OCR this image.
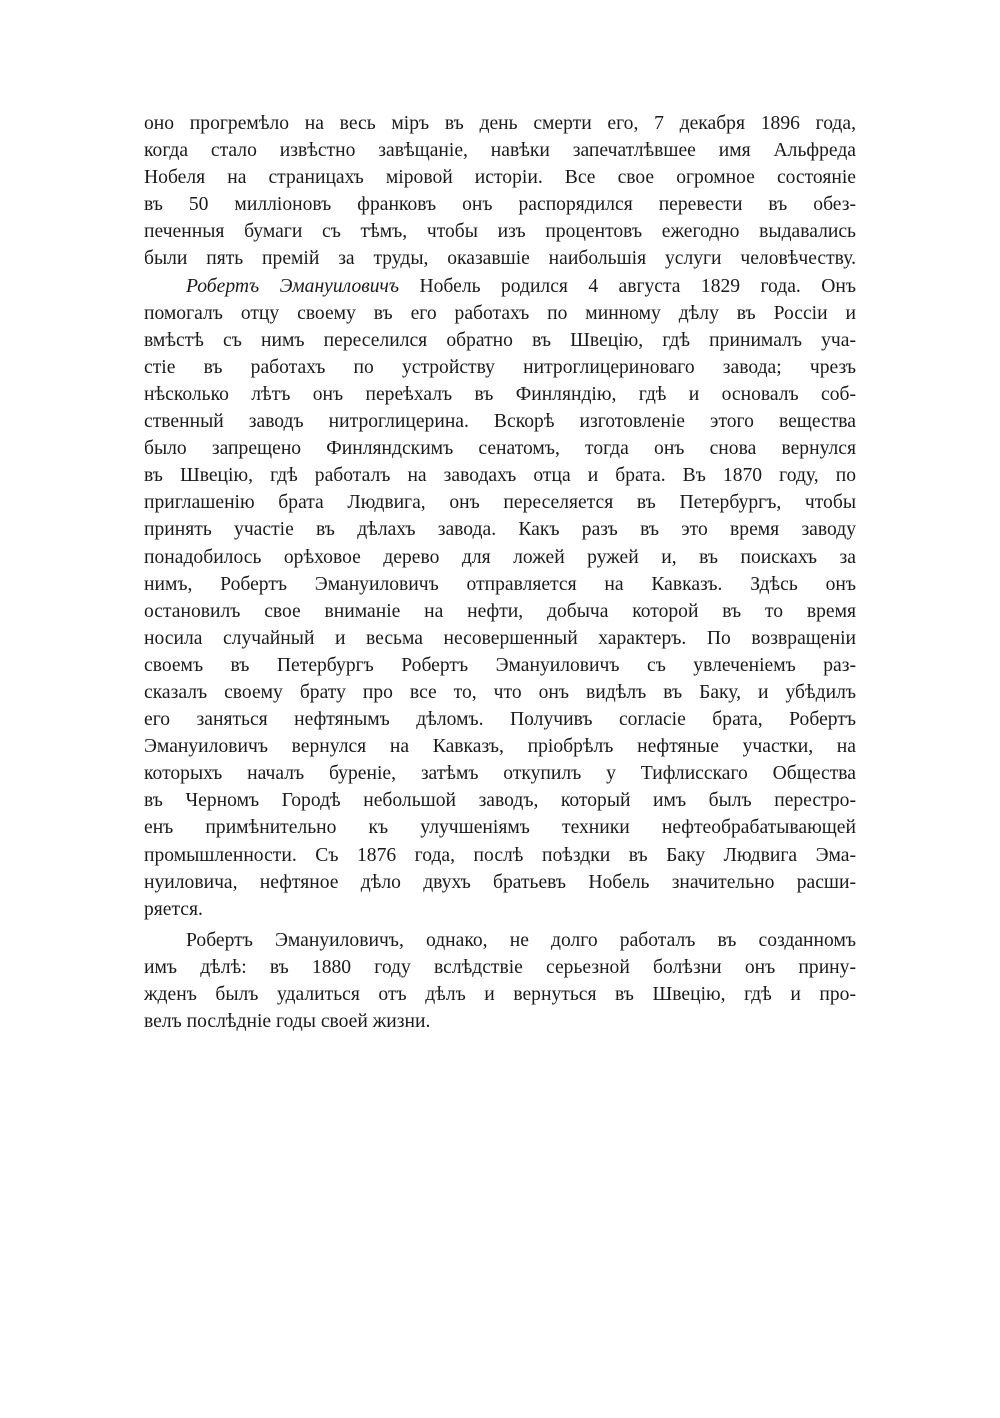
оно прогремѣло на весь міръ въ день смерти его, 7 декабря 1896 года,
когда стало извѣстно завѣщаніе, навѣки запечатлѣвшее имя Альфреда
Нобеля на страницахъ міровой исторіи. Все свое огромное состояніе
въ 50 милліоновъ франковъ онъ распорядился перевести въ обез-
печенныя бумаги съ тѣмъ, чтобы изъ процентовъ ежегодно выдавались
были пять премій за труды, оказавшіе наибольшія услуги человѣчеству.
Робертъ Эмануиловичъ Нобель родился 4 августа 1829 года. Онъ
помогалъ отцу своему въ его работахъ по минному дѣлу въ Россіи и
вмѣстѣ съ нимъ переселился обратно въ Швецію, гдѣ принималъ уча-
стіе въ работахъ по устройству нитроглицериноваго завода; чрезъ
нѣсколько лѣтъ онъ переѣхалъ въ Финляндію, гдѣ и основалъ соб-
ственный заводъ нитроглицерина. Вскорѣ изготовленіе этого вещества
было запрещено Финляндскимъ сенатомъ, тогда онъ снова вернулся
въ Швецію, гдѣ работалъ на заводахъ отца и брата. Въ 1870 году, по
приглашенію брата Людвига, онъ переселяется въ Петербургъ, чтобы
принять участіе въ дѣлахъ завода. Какъ разъ въ это время заводу
понадобилось орѣховое дерево для ложей ружей и, въ поискахъ за
нимъ, Робертъ Эмануиловичъ отправляется на Кавказъ. Здѣсь онъ
остановилъ свое вниманіе на нефти, добыча которой въ то время
носила случайный и весьма несовершенный характеръ. По возвращеніи
своемъ въ Петербургъ Робертъ Эмануиловичъ съ увлеченіемъ раз-
сказалъ своему брату про все то, что онъ видѣлъ въ Баку, и убѣдилъ
его заняться нефтянымъ дѣломъ. Получивъ согласіе брата, Робертъ
Эмануиловичъ вернулся на Кавказъ, пріобрѣлъ нефтяные участки, на
которыхъ началъ буреніе, затѣмъ откупилъ у Тифлисскаго Общества
въ Черномъ Городѣ небольшой заводъ, который имъ былъ перестро-
енъ примѣнительно къ улучшеніямъ техники нефтеобрабатывающей
промышленности. Съ 1876 года, послѣ поѣздки въ Баку Людвига Эма-
нуиловича, нефтяное дѣло двухъ братьевъ Нобель значительно расши-
ряется.
Робертъ Эмануиловичъ, однако, не долго работалъ въ созданномъ
имъ дѣлѣ: въ 1880 году вслѣдствіе серьезной болѣзни онъ прину-
жденъ былъ удалиться отъ дѣлъ и вернуться въ Швецію, гдѣ и про-
велъ послѣдніе годы своей жизни.
